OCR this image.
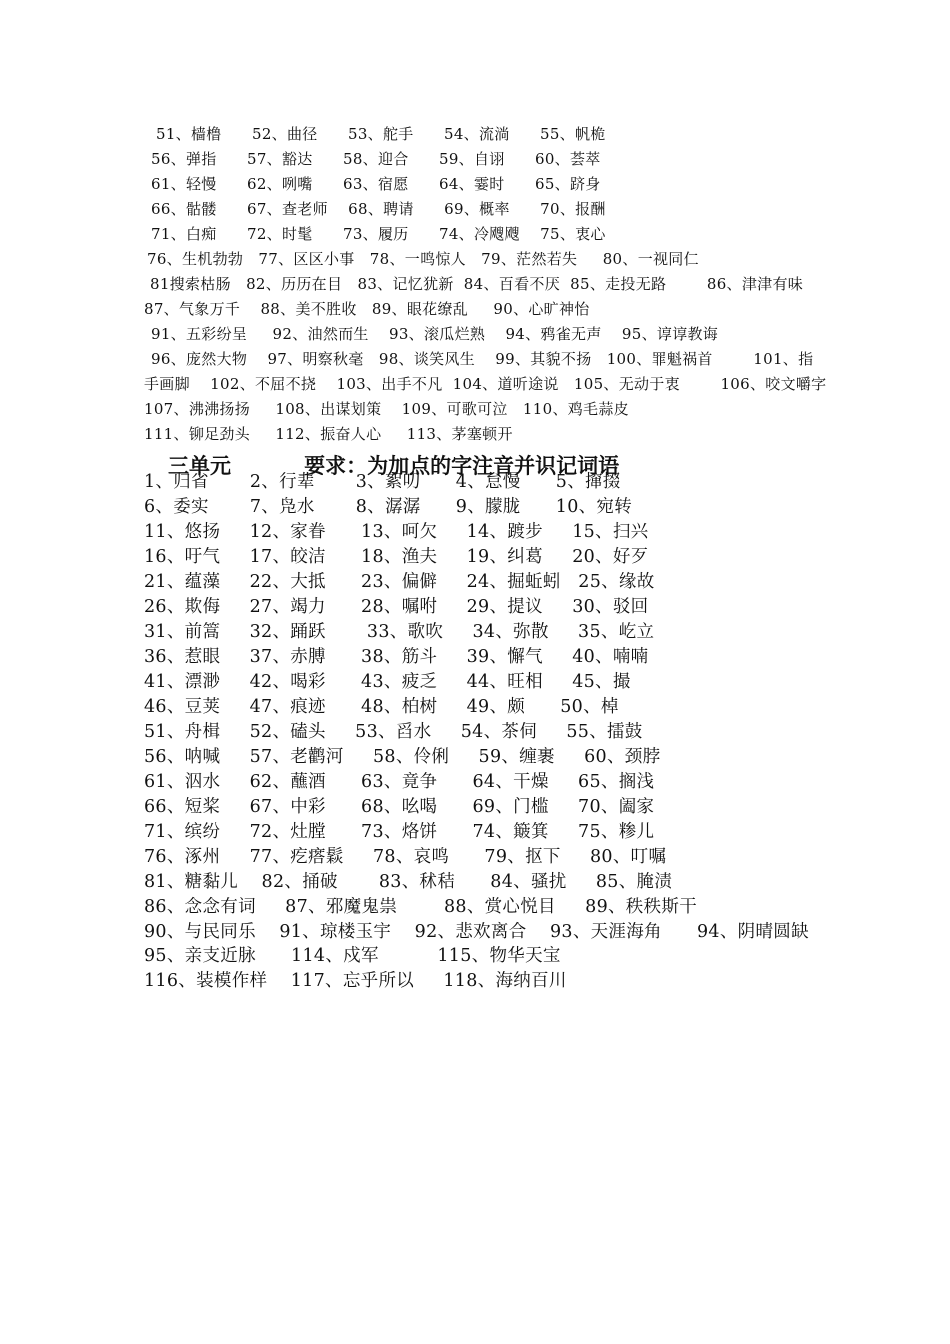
51、樯橹      52、曲径      53、舵手      54、流淌      55、帆桅
56、弹指      57、豁达      58、迎合      59、自诩      60、荟萃
61、轻慢      62、咧嘴      63、宿愿      64、霎时      65、跻身
66、骷髅      67、查老师    68、聘请      69、概率      70、报酬
71、白痴      72、时髦      73、履历      74、冷飕飕    75、衷心
76、生机勃勃   77、区区小事   78、一鸣惊人   79、茫然若失     80、一视同仁
81搜索枯肠   82、历历在目   83、记忆犹新  84、百看不厌  85、走投无路        86、津津有味
87、气象万千    88、美不胜收   89、眼花缭乱     90、心旷神怡
91、五彩纷呈     92、油然而生    93、滚瓜烂熟    94、鸦雀无声    95、谆谆教诲
96、庞然大物    97、明察秋毫   98、谈笑风生    99、其貌不扬   100、罪魁祸首        101、指
手画脚    102、不屈不挠    103、出手不凡  104、道听途说   105、无动于衷        106、咬文嚼字
107、沸沸扬扬     108、出谋划策    109、可歌可泣   110、鸡毛蒜皮
111、铆足劲头     112、振奋人心     113、茅塞顿开
三单元          要求：为加点的字注音并识记词语
1、归省       2、行辈       3、絮叨      4、怠慢      5、撺掇
6、委实       7、凫水       8、潺潺      9、朦胧      10、宛转
11、悠扬     12、家眷      13、呵欠     14、踱步     15、扫兴
16、吁气     17、皎洁      18、渔夫     19、纠葛     20、好歹
21、蕴藻     22、大抵      23、偏僻     24、掘蚯蚓   25、缘故
26、欺侮     27、竭力      28、嘱咐     29、提议     30、驳回
31、前篙     32、踊跃       33、歌吹     34、弥散     35、屹立
36、惹眼     37、赤膊      38、筋斗     39、懈气     40、喃喃
41、漂渺     42、喝彩      43、疲乏     44、旺相     45、撮
46、豆荚     47、痕迹      48、柏树     49、颇      50、棹
51、舟楫     52、磕头     53、舀水     54、茶伺     55、擂鼓
56、呐喊     57、老鹳河     58、伶俐     59、缠裹     60、颈脖
61、泅水     62、蘸酒      63、竟争      64、干燥     65、搁浅
66、短桨     67、中彩      68、吆喝      69、门槛     70、阖家
71、缤纷     72、灶膛      73、烙饼      74、簸箕     75、糁儿
76、涿州     77、疙瘩鬏     78、哀鸣      79、抠下     80、叮嘱
81、糖黏儿    82、捅破       83、秫秸      84、骚扰     85、腌渍
86、念念有词     87、邪魔鬼祟        88、赏心悦目     89、秩秩斯干
90、与民同乐    91、琼楼玉宇    92、悲欢离合    93、天涯海角      94、阴晴圆缺
95、亲支近脉      114、戍军          115、物华天宝
116、装模作样    117、忘乎所以     118、海纳百川
